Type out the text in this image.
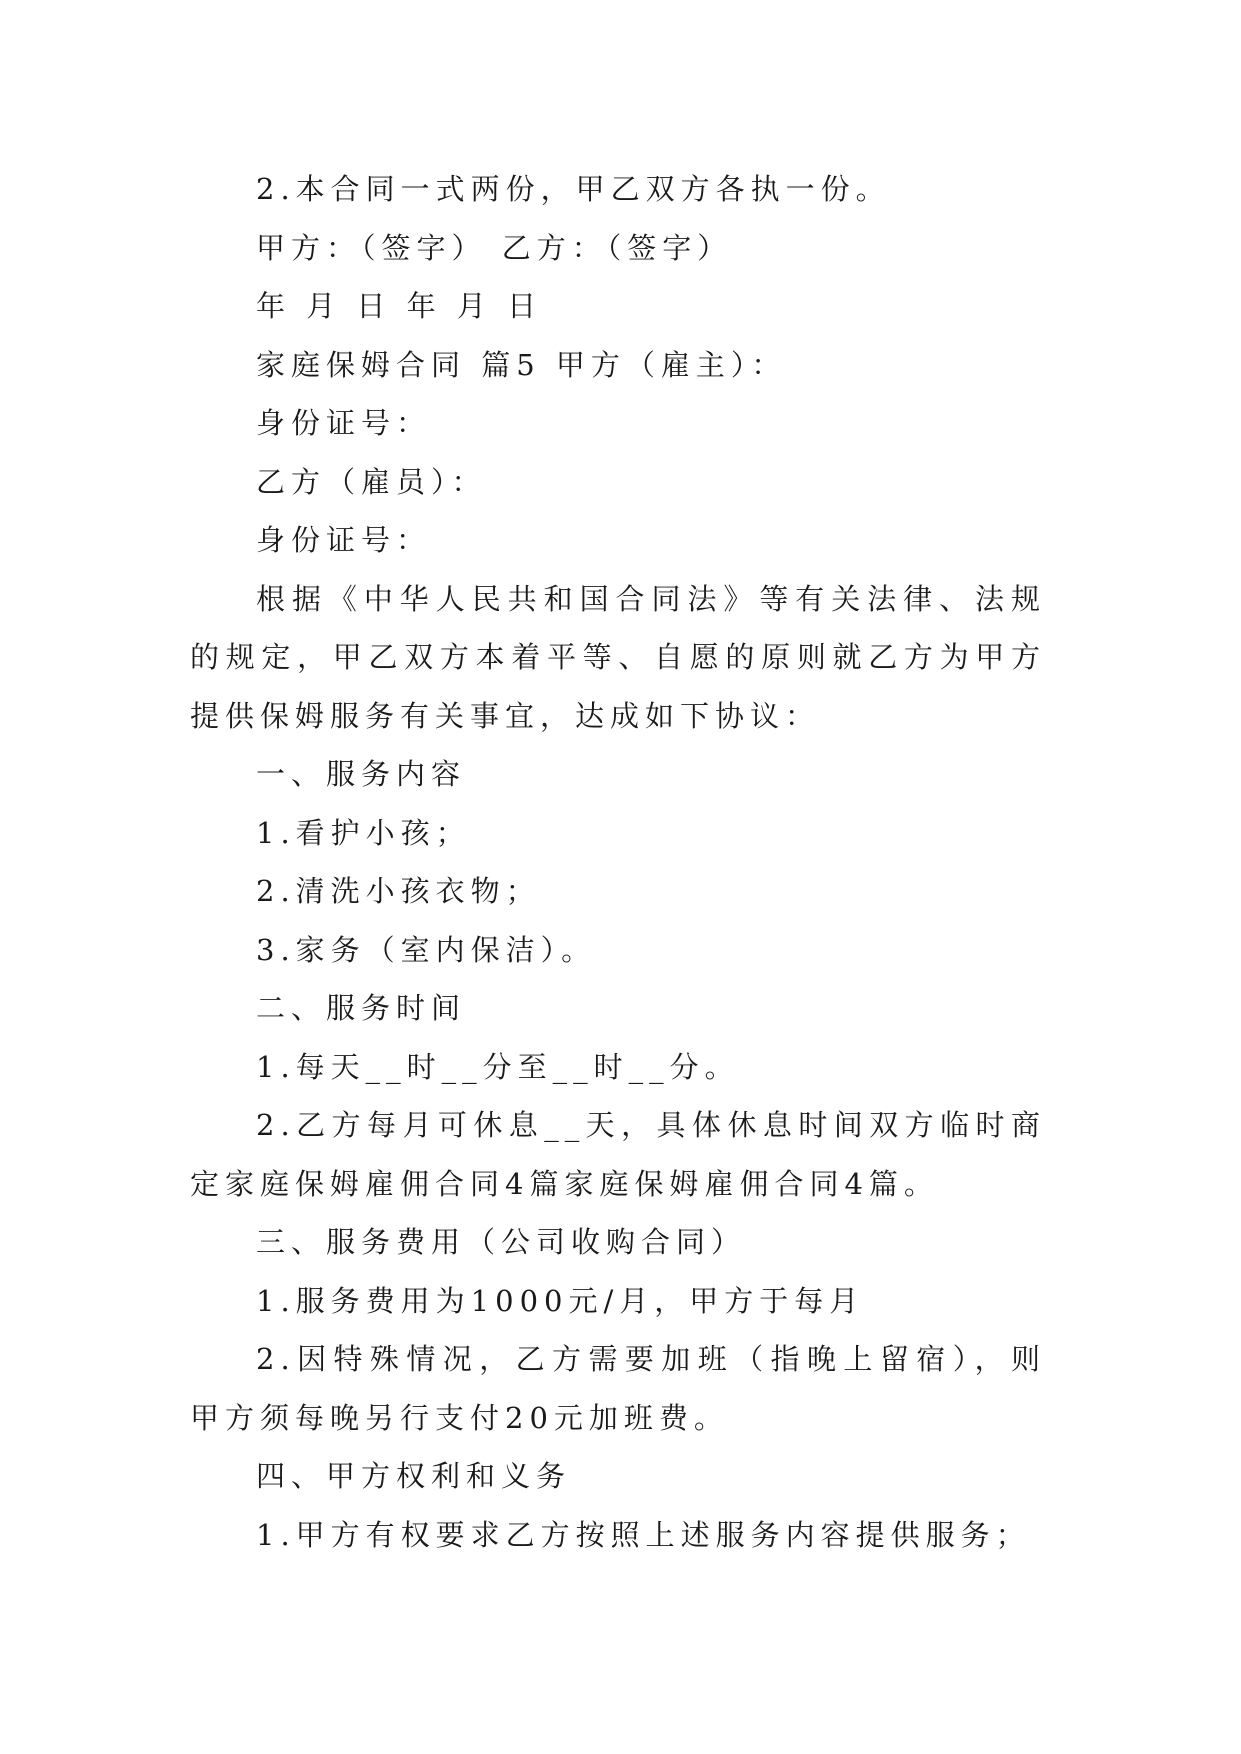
2.本合同一式两份，甲乙双方各执一份。

甲方：（签字） 乙方：（签字）

年 月 日 年 月 日

家庭保姆合同 篇5 甲方（雇主）：

身份证号：

乙方（雇员）：

身份证号：

根据《中华人民共和国合同法》等有关法律、法规的规定，甲乙双方本着平等、自愿的原则就乙方为甲方提供保姆服务有关事宜，达成如下协议：

一、服务内容

1.看护小孩；

2.清洗小孩衣物；

3.家务（室内保洁）。

二、服务时间

1.每天__时__分至__时__分。

2.乙方每月可休息__天，具体休息时间双方临时商定家庭保姆雇佣合同4篇家庭保姆雇佣合同4篇。

三、服务费用（公司收购合同）

1.服务费用为1000元/月，甲方于每月

2.因特殊情况，乙方需要加班（指晚上留宿），则甲方须每晚另行支付20元加班费。

四、甲方权利和义务

1.甲方有权要求乙方按照上述服务内容提供服务；
